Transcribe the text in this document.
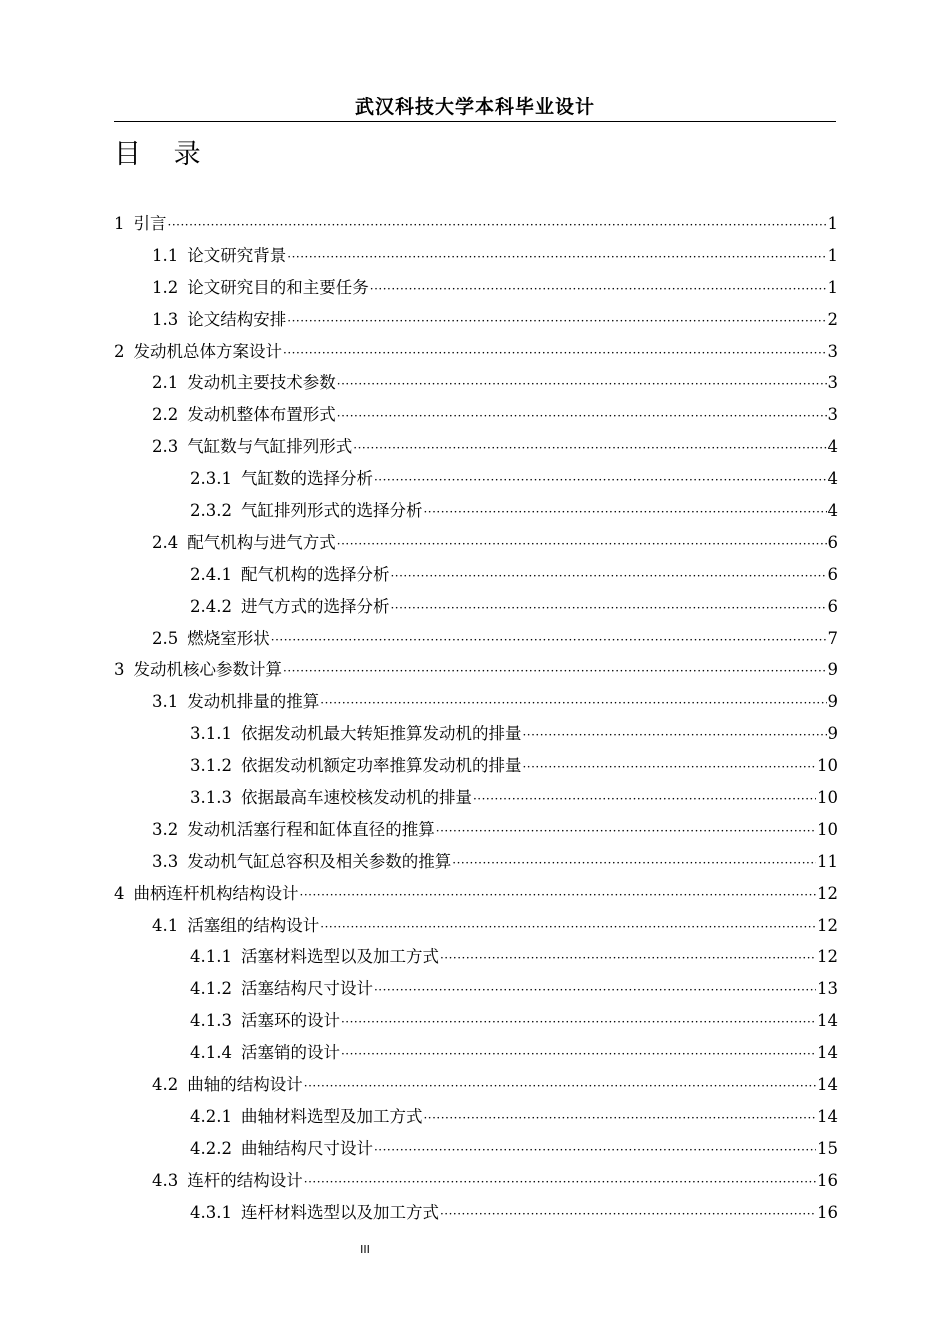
武汉科技大学本科毕业设计
目 录
1 引言 ·····	1
1.1 论文研究背景 ·····	1
1.2 论文研究目的和主要任务 ·····	1
1.3 论文结构安排 ·····	2
2 发动机总体方案设计 ·····	3
2.1 发动机主要技术参数 ·····	3
2.2 发动机整体布置形式 ·····	3
2.3 气缸数与气缸排列形式 ·····	4
2.3.1 气缸数的选择分析 ·····	4
2.3.2 气缸排列形式的选择分析 ·····	4
2.4 配气机构与进气方式 ·····	6
2.4.1 配气机构的选择分析 ·····	6
2.4.2 进气方式的选择分析 ·····	6
2.5 燃烧室形状 ·····	7
3 发动机核心参数计算 ·····	9
3.1 发动机排量的推算 ·····	9
3.1.1 依据发动机最大转矩推算发动机的排量 ·····	9
3.1.2 依据发动机额定功率推算发动机的排量 ·····	10
3.1.3 依据最高车速校核发动机的排量 ·····	10
3.2 发动机活塞行程和缸体直径的推算 ·····	10
3.3 发动机气缸总容积及相关参数的推算 ·····	11
4 曲柄连杆机构结构设计 ·····	12
4.1 活塞组的结构设计 ·····	12
4.1.1 活塞材料选型以及加工方式 ·····	12
4.1.2 活塞结构尺寸设计 ·····	13
4.1.3 活塞环的设计 ·····	14
4.1.4 活塞销的设计 ·····	14
4.2 曲轴的结构设计 ·····	14
4.2.1 曲轴材料选型及加工方式 ·····	14
4.2.2 曲轴结构尺寸设计 ·····	15
4.3 连杆的结构设计 ·····	16
4.3.1 连杆材料选型以及加工方式 ·····	16
III
